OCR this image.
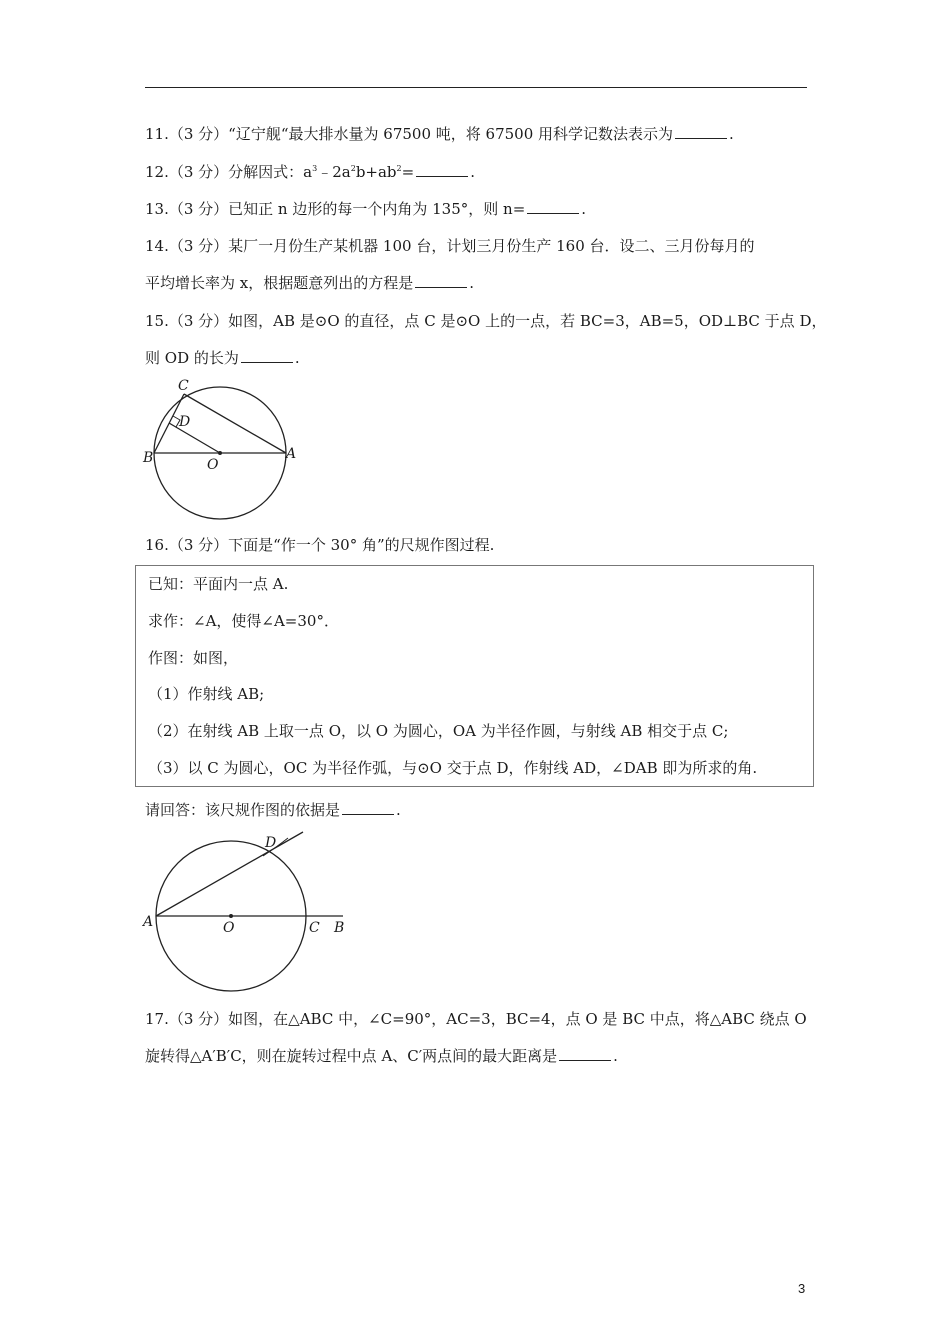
11.（3 分）“辽宁舰“最大排水量为 67500 吨，将 67500 用科学记数法表示为	.
12.（3 分）分解因式：$a^3﹣2a^2b+ab^2=$	.
13.（3 分）已知正 n 边形的每一个内角为 135°，则 n=	.
14.（3 分）某厂一月份生产某机器 100 台，计划三月份生产 160 台．设二、三月份每月的
平均增长率为 x，根据题意列出的方程是	.
15.（3 分）如图，AB 是⊙O 的直径，点 C 是⊙O 上的一点，若 BC=3，AB=5，OD⊥BC 于点 D，
则 OD 的长为	.
C
D
B	O
A
16.（3 分）下面是“作一个 30° 角”的尺规作图过程.
已知：平面内一点 A.
求作：∠A，使得∠A=30°．
作图：如图，
（1）作射线 AB;
（2）在射线 AB 上取一点 O，以 O 为圆心，OA 为半径作圆，与射线 AB 相交于点 C;
（3）以 C 为圆心，OC 为半径作弧，与⊙O 交于点 D，作射线 AD，∠DAB 即为所求的角.
请回答：该尺规作图的依据是	.
D
A	O	C B
17.（3 分）如图，在△ABC 中，∠C=90°，AC=3，BC=4，点 O 是 BC 中点，将△ABC 绕点 O
旋转得△A′B′C，则在旋转过程中点 A、C′两点间的最大距离是	.
3
